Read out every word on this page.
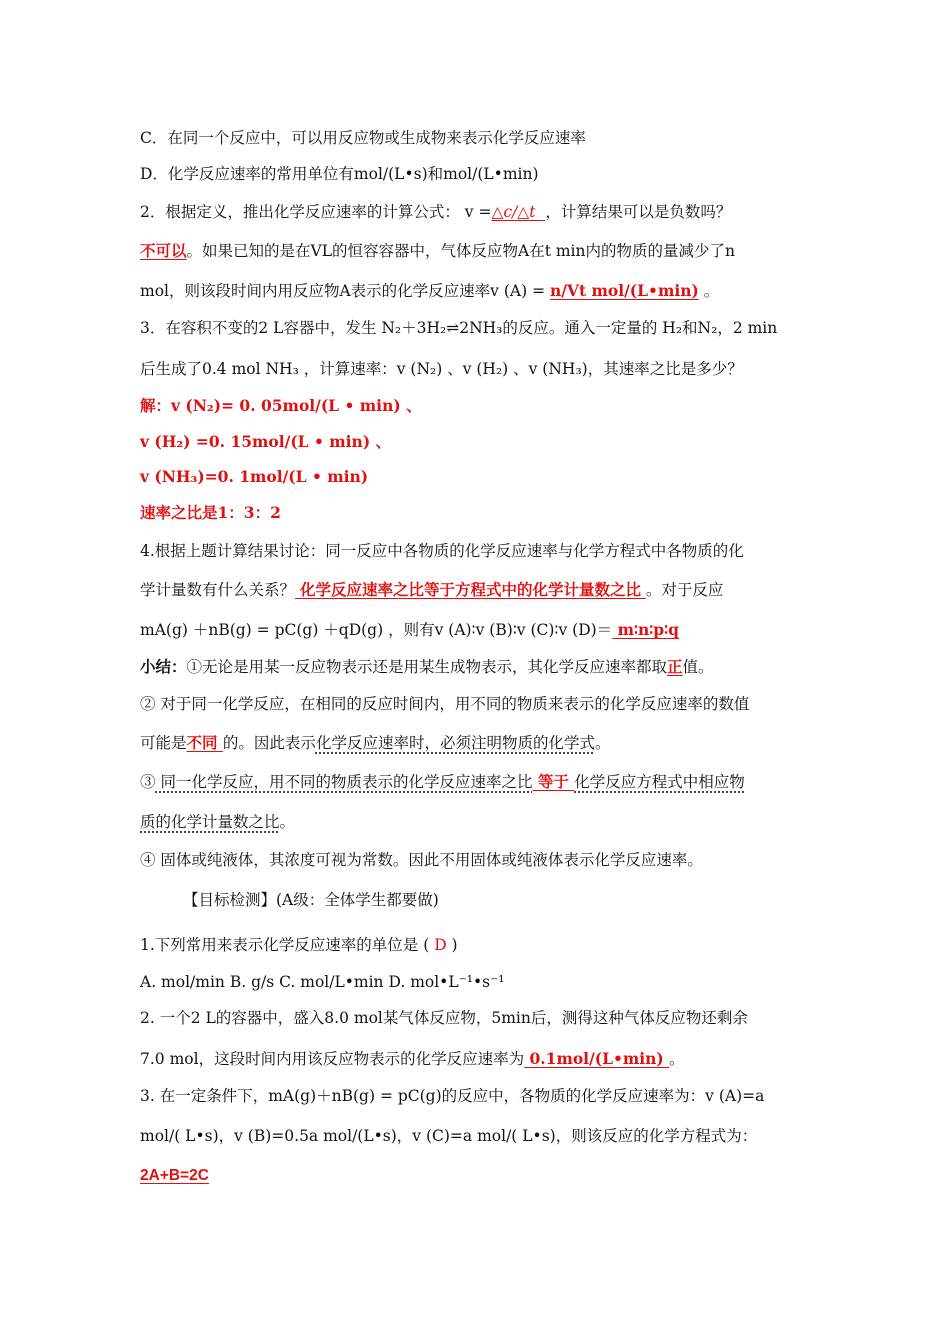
C．在同一个反应中，可以用反应物或生成物来表示化学反应速率
D．化学反应速率的常用单位有mol/(L•s)和mol/(L•min)
2．根据定义，推出化学反应速率的计算公式： v =△c/△t ，计算结果可以是负数吗？
不可以。如果已知的是在VL的恒容容器中，气体反应物A在t min内的物质的量减少了n
mol，则该段时间内用反应物A表示的化学反应速率v (A) = n/Vt mol/(L•min) 。
3．在容积不变的2 L容器中，发生 N₂＋3H₂⇌2NH₃的反应。通入一定量的 H₂和N₂，2 min
后生成了0.4 mol NH₃ ，计算速率：v (N₂) 、v (H₂) 、v (NH₃)，其速率之比是多少？
解：v (N₂)= 0. 05mol/(L • min) 、
v (H₂) =0. 15mol/(L • min) 、
v (NH₃)=0. 1mol/(L • min)
速率之比是1：3：2
4.根据上题计算结果讨论：同一反应中各物质的化学反应速率与化学方程式中各物质的化
学计量数有什么关系？ 化学反应速率之比等于方程式中的化学计量数之比 。对于反应
mA(g) ＋nB(g) = pC(g) ＋qD(g) ，则有v (A)∶v (B)∶v (C)∶v (D)＝ m∶n∶p∶q
小结：①无论是用某一反应物表示还是用某生成物表示，其化学反应速率都取正值。
② 对于同一化学反应，在相同的反应时间内，用不同的物质来表示的化学反应速率的数值
可能是不同 的。因此表示化学反应速率时，必须注明物质的化学式。
③ 同一化学反应，用不同的物质表示的化学反应速率之比 等于 化学反应方程式中相应物
质的化学计量数之比。
④ 固体或纯液体，其浓度可视为常数。因此不用固体或纯液体表示化学反应速率。
【目标检测】(A级：全体学生都要做)
1.下列常用来表示化学反应速率的单位是 ( D )
A. mol/min B. g/s C. mol/L•min D. mol•L⁻¹•s⁻¹
2. 一个2 L的容器中，盛入8.0 mol某气体反应物，5min后，测得这种气体反应物还剩余
7.0 mol，这段时间内用该反应物表示的化学反应速率为 0.1mol/(L•min) 。
3. 在一定条件下，mA(g)＋nB(g) = pC(g)的反应中，各物质的化学反应速率为：v (A)=a
mol/( L•s)，v (B)=0.5a mol/(L•s)，v (C)=a mol/( L•s)，则该反应的化学方程式为：
2A+B=2C
